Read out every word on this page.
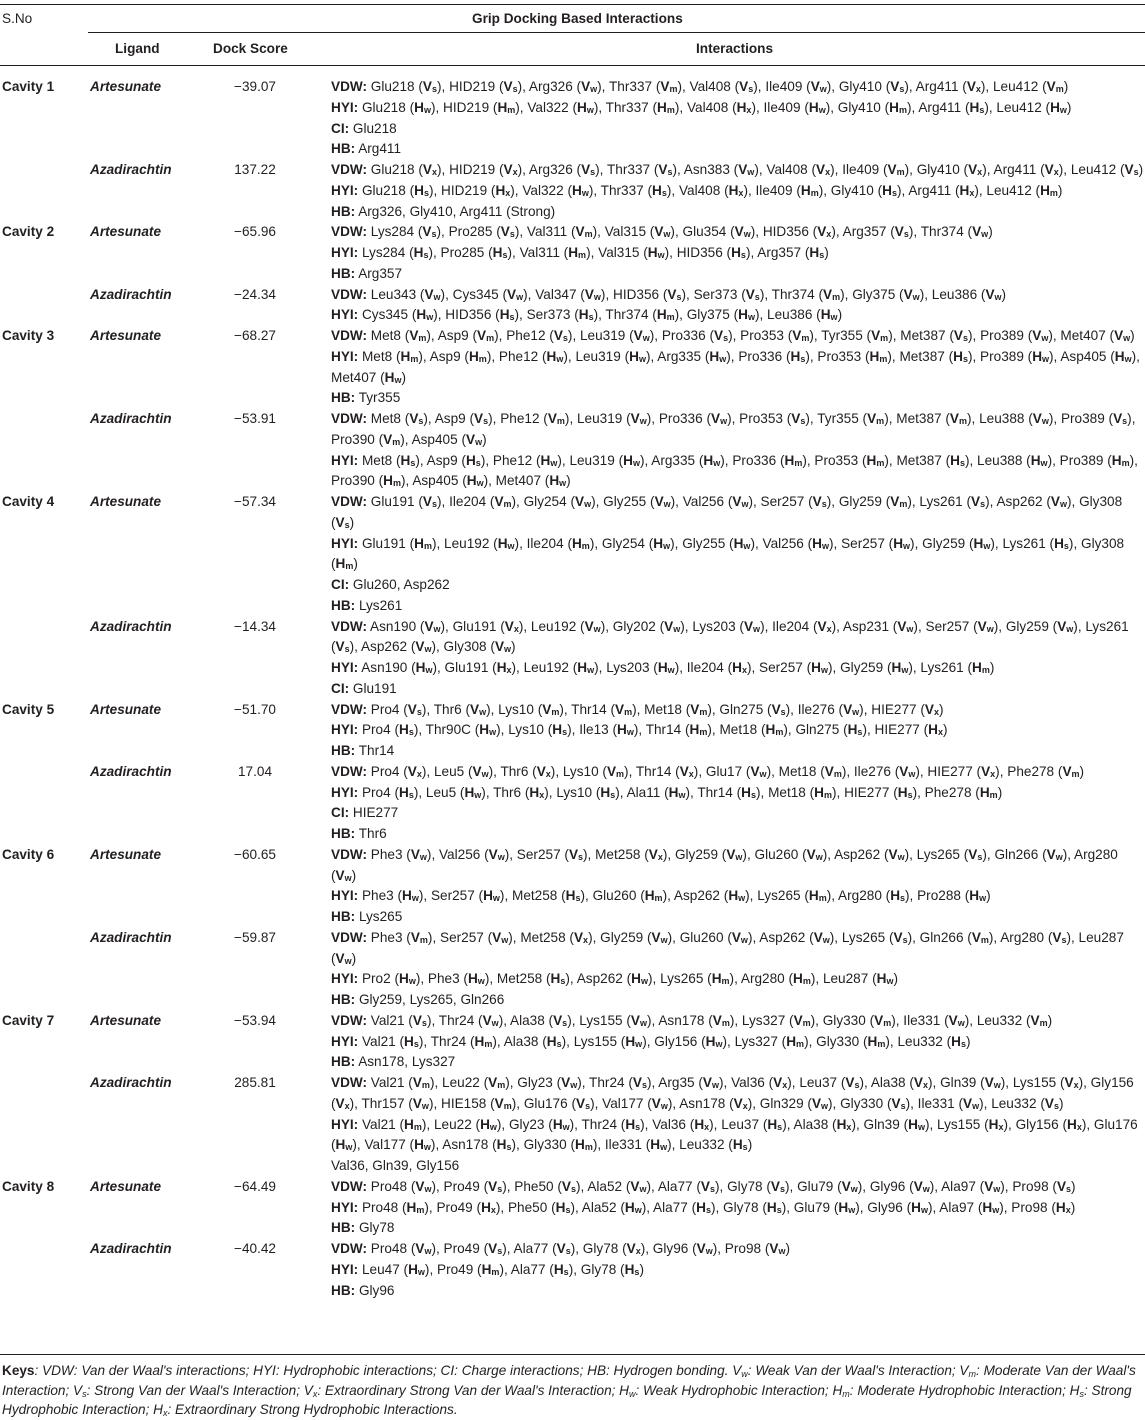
S.No	Grip Docking Based Interactions
Ligand	Dock Score	Interactions
Cavity 1	Artesunate	−39.07	VDW: Glu218 $(V_s)$, HID219 $(V_s)$, Arg326 $(V_w)$, Thr337 $(V_m)$, Val408 $(V_s)$, Ile409 $(V_w)$, Gly410 $(V_s)$, Arg411 $(V_x)$, Leu412 $(V_m)$
HYI: Glu218 $(H_w)$, HID219 $(H_m)$, Val322 $(H_w)$, Thr337 $(H_m)$, Val408 $(H_x)$, Ile409 $(H_w)$, Gly410 $(H_m)$, Arg411 $(H_s)$, Leu412 $(H_w)$
CI: Glu218
HB: Arg411
Azadirachtin	137.22	VDW: Glu218 $(V_x)$, HID219 $(V_x)$, Arg326 $(V_s)$, Thr337 $(V_s)$, Asn383 $(V_w)$, Val408 $(V_x)$, Ile409 $(V_m)$, Gly410 $(V_x)$, Arg411 $(V_x)$, Leu412 $(V_s)$
HYI: Glu218 $(H_s)$, HID219 $(H_x)$, Val322 $(H_w)$, Thr337 $(H_s)$, Val408 $(H_x)$, Ile409 $(H_m)$, Gly410 $(H_s)$, Arg411 $(H_x)$, Leu412 $(H_m)$
HB: Arg326, Gly410, Arg411 (Strong)
Cavity 2	Artesunate	−65.96	VDW: Lys284 $(V_s)$, Pro285 $(V_s)$, Val311 $(V_m)$, Val315 $(V_w)$, Glu354 $(V_w)$, HID356 $(V_x)$, Arg357 $(V_s)$, Thr374 $(V_w)$
HYI: Lys284 $(H_s)$, Pro285 $(H_s)$, Val311 $(H_m)$, Val315 $(H_w)$, HID356 $(H_s)$, Arg357 $(H_s)$
HB: Arg357
Azadirachtin	−24.34	VDW: Leu343 $(V_w)$, Cys345 $(V_w)$, Val347 $(V_w)$, HID356 $(V_s)$, Ser373 $(V_s)$, Thr374 $(V_m)$, Gly375 $(V_w)$, Leu386 $(V_w)$
HYI: Cys345 $(H_w)$, HID356 $(H_s)$, Ser373 $(H_s)$, Thr374 $(H_m)$, Gly375 $(H_w)$, Leu386 $(H_w)$
Cavity 3	Artesunate	−68.27	VDW: Met8 $(V_m)$, Asp9 $(V_m)$, Phe12 $(V_s)$, Leu319 $(V_w)$, Pro336 $(V_s)$, Pro353 $(V_m)$, Tyr355 $(V_m)$, Met387 $(V_s)$, Pro389 $(V_w)$, Met407 $(V_w)$
HYI: Met8 $(H_m)$, Asp9 $(H_m)$, Phe12 $(H_w)$, Leu319 $(H_w)$, Arg335 $(H_w)$, Pro336 $(H_s)$, Pro353 $(H_m)$, Met387 $(H_s)$, Pro389 $(H_w)$, Asp405 $(H_w)$, Met407 $(H_w)$
HB: Tyr355
Azadirachtin	−53.91	VDW: Met8 $(V_s)$, Asp9 $(V_s)$, Phe12 $(V_m)$, Leu319 $(V_w)$, Pro336 $(V_w)$, Pro353 $(V_s)$, Tyr355 $(V_m)$, Met387 $(V_m)$, Leu388 $(V_w)$, Pro389 $(V_s)$, Pro390 $(V_m)$, Asp405 $(V_w)$
HYI: Met8 $(H_s)$, Asp9 $(H_s)$, Phe12 $(H_w)$, Leu319 $(H_w)$, Arg335 $(H_w)$, Pro336 $(H_m)$, Pro353 $(H_m)$, Met387 $(H_s)$, Leu388 $(H_w)$, Pro389 $(H_m)$, Pro390 $(H_m)$, Asp405 $(H_w)$, Met407 $(H_w)$
Cavity 4	Artesunate	−57.34	VDW: Glu191 $(V_s)$, Ile204 $(V_m)$, Gly254 $(V_w)$, Gly255 $(V_w)$, Val256 $(V_w)$, Ser257 $(V_s)$, Gly259 $(V_m)$, Lys261 $(V_s)$, Asp262 $(V_w)$, Gly308 $(V_s)$
HYI: Glu191 $(H_m)$, Leu192 $(H_w)$, Ile204 $(H_m)$, Gly254 $(H_w)$, Gly255 $(H_w)$, Val256 $(H_w)$, Ser257 $(H_w)$, Gly259 $(H_w)$, Lys261 $(H_s)$, Gly308 $(H_m)$
CI: Glu260, Asp262
HB: Lys261
Azadirachtin	−14.34	VDW: Asn190 $(V_w)$, Glu191 $(V_x)$, Leu192 $(V_w)$, Gly202 $(V_w)$, Lys203 $(V_w)$, Ile204 $(V_x)$, Asp231 $(V_w)$, Ser257 $(V_w)$, Gly259 $(V_w)$, Lys261 $(V_s)$, Asp262 $(V_w)$, Gly308 $(V_w)$
HYI: Asn190 $(H_w)$, Glu191 $(H_x)$, Leu192 $(H_w)$, Lys203 $(H_w)$, Ile204 $(H_x)$, Ser257 $(H_w)$, Gly259 $(H_w)$, Lys261 $(H_m)$
CI: Glu191
Cavity 5	Artesunate	−51.70	VDW: Pro4 $(V_s)$, Thr6 $(V_w)$, Lys10 $(V_m)$, Thr14 $(V_m)$, Met18 $(V_m)$, Gln275 $(V_s)$, Ile276 $(V_w)$, HIE277 $(V_x)$
HYI: Pro4 $(H_s)$, Thr90C $(H_w)$, Lys10 $(H_s)$, Ile13 $(H_w)$, Thr14 $(H_m)$, Met18 $(H_m)$, Gln275 $(H_s)$, HIE277 $(H_x)$
HB: Thr14
Azadirachtin	17.04	VDW: Pro4 $(V_x)$, Leu5 $(V_w)$, Thr6 $(V_x)$, Lys10 $(V_m)$, Thr14 $(V_x)$, Glu17 $(V_w)$, Met18 $(V_m)$, Ile276 $(V_w)$, HIE277 $(V_x)$, Phe278 $(V_m)$
HYI: Pro4 $(H_s)$, Leu5 $(H_w)$, Thr6 $(H_x)$, Lys10 $(H_s)$, Ala11 $(H_w)$, Thr14 $(H_s)$, Met18 $(H_m)$, HIE277 $(H_s)$, Phe278 $(H_m)$
CI: HIE277
HB: Thr6
Cavity 6	Artesunate	−60.65	VDW: Phe3 $(V_w)$, Val256 $(V_w)$, Ser257 $(V_s)$, Met258 $(V_x)$, Gly259 $(V_w)$, Glu260 $(V_w)$, Asp262 $(V_w)$, Lys265 $(V_s)$, Gln266 $(V_w)$, Arg280 $(V_w)$
HYI: Phe3 $(H_w)$, Ser257 $(H_w)$, Met258 $(H_s)$, Glu260 $(H_m)$, Asp262 $(H_w)$, Lys265 $(H_m)$, Arg280 $(H_s)$, Pro288 $(H_w)$
HB: Lys265
Azadirachtin	−59.87	VDW: Phe3 $(V_m)$, Ser257 $(V_w)$, Met258 $(V_x)$, Gly259 $(V_w)$, Glu260 $(V_w)$, Asp262 $(V_w)$, Lys265 $(V_s)$, Gln266 $(V_m)$, Arg280 $(V_s)$, Leu287 $(V_w)$
HYI: Pro2 $(H_w)$, Phe3 $(H_w)$, Met258 $(H_s)$, Asp262 $(H_w)$, Lys265 $(H_m)$, Arg280 $(H_m)$, Leu287 $(H_w)$
HB: Gly259, Lys265, Gln266
Cavity 7	Artesunate	−53.94	VDW: Val21 $(V_s)$, Thr24 $(V_w)$, Ala38 $(V_s)$, Lys155 $(V_w)$, Asn178 $(V_m)$, Lys327 $(V_m)$, Gly330 $(V_m)$, Ile331 $(V_w)$, Leu332 $(V_m)$
HYI: Val21 $(H_s)$, Thr24 $(H_m)$, Ala38 $(H_s)$, Lys155 $(H_w)$, Gly156 $(H_w)$, Lys327 $(H_m)$, Gly330 $(H_m)$, Leu332 $(H_s)$
HB: Asn178, Lys327
Azadirachtin	285.81	VDW: Val21 $(V_m)$, Leu22 $(V_m)$, Gly23 $(V_w)$, Thr24 $(V_s)$, Arg35 $(V_w)$, Val36 $(V_x)$, Leu37 $(V_s)$, Ala38 $(V_x)$, Gln39 $(V_w)$, Lys155 $(V_x)$, Gly156 $(V_x)$, Thr157 $(V_w)$, HIE158 $(V_m)$, Glu176 $(V_s)$, Val177 $(V_w)$, Asn178 $(V_x)$, Gln329 $(V_w)$, Gly330 $(V_s)$, Ile331 $(V_w)$, Leu332 $(V_s)$
HYI: Val21 $(H_m)$, Leu22 $(H_w)$, Gly23 $(H_w)$, Thr24 $(H_s)$, Val36 $(H_x)$, Leu37 $(H_s)$, Ala38 $(H_x)$, Gln39 $(H_w)$, Lys155 $(H_x)$, Gly156 $(H_x)$, Glu176 $(H_w)$, Val177 $(H_w)$, Asn178 $(H_s)$, Gly330 $(H_m)$, Ile331 $(H_w)$, Leu332 $(H_s)$
Val36, Gln39, Gly156
Cavity 8	Artesunate	−64.49	VDW: Pro48 $(V_w)$, Pro49 $(V_s)$, Phe50 $(V_s)$, Ala52 $(V_w)$, Ala77 $(V_s)$, Gly78 $(V_s)$, Glu79 $(V_w)$, Gly96 $(V_w)$, Ala97 $(V_w)$, Pro98 $(V_s)$
HYI: Pro48 $(H_m)$, Pro49 $(H_x)$, Phe50 $(H_s)$, Ala52 $(H_w)$, Ala77 $(H_s)$, Gly78 $(H_s)$, Glu79 $(H_w)$, Gly96 $(H_w)$, Ala97 $(H_w)$, Pro98 $(H_x)$
HB: Gly78
Azadirachtin	−40.42	VDW: Pro48 $(V_w)$, Pro49 $(V_s)$, Ala77 $(V_s)$, Gly78 $(V_x)$, Gly96 $(V_w)$, Pro98 $(V_w)$
HYI: Leu47 $(H_w)$, Pro49 $(H_m)$, Ala77 $(H_s)$, Gly78 $(H_s)$
HB: Gly96
Keys: VDW: Van der Waal's interactions; HYI: Hydrophobic interactions; CI: Charge interactions; HB: Hydrogen bonding. $V_w$: Weak Van der Waal's Interaction; $V_m$: Moderate Van der Waal's Interaction; $V_s$: Strong Van der Waal's Interaction; $V_x$: Extraordinary Strong Van der Waal's Interaction; $H_w$: Weak Hydrophobic Interaction; $H_m$: Moderate Hydrophobic Interaction; $H_s$: Strong Hydrophobic Interaction; $H_x$: Extraordinary Strong Hydrophobic Interactions.
